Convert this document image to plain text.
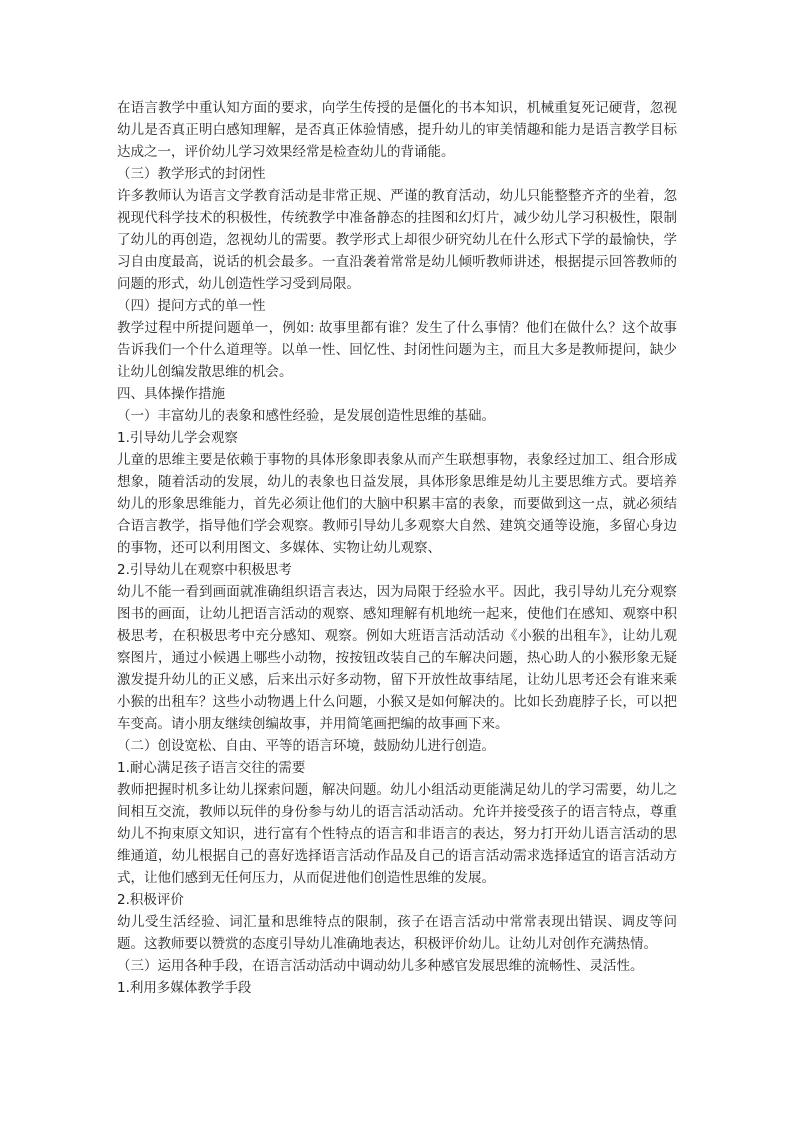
在语言教学中重认知方面的要求，向学生传授的是僵化的书本知识，机械重复死记硬背，忽视幼儿是否真正明白感知理解，是否真正体验情感，提升幼儿的审美情趣和能力是语言教学目标达成之一，评价幼儿学习效果经常是检查幼儿的背诵能。

（三）教学形式的封闭性

许多教师认为语言文学教育活动是非常正规、严谨的教育活动，幼儿只能整整齐齐的坐着，忽视现代科学技术的积极性，传统教学中准备静态的挂图和幻灯片，减少幼儿学习积极性，限制了幼儿的再创造，忽视幼儿的需要。教学形式上却很少研究幼儿在什么形式下学的最愉快，学习自由度最高，说话的机会最多。一直沿袭着常常是幼儿倾听教师讲述，根据提示回答教师的问题的形式，幼儿创造性学习受到局限。

（四）提问方式的单一性

教学过程中所提问题单一，例如: 故事里都有谁？发生了什么事情？他们在做什么？这个故事告诉我们一个什么道理等。以单一性、回忆性、封闭性问题为主，而且大多是教师提问，缺少让幼儿创编发散思维的机会。

四、具体操作措施

（一）丰富幼儿的表象和感性经验，是发展创造性思维的基础。

1.引导幼儿学会观察

儿童的思维主要是依赖于事物的具体形象即表象从而产生联想事物，表象经过加工、组合形成想象，随着活动的发展，幼儿的表象也日益发展，具体形象思维是幼儿主要思维方式。要培养幼儿的形象思维能力，首先必须让他们的大脑中积累丰富的表象，而要做到这一点，就必须结合语言教学，指导他们学会观察。教师引导幼儿多观察大自然、建筑交通等设施，多留心身边的事物，还可以利用图文、多媒体、实物让幼儿观察、

2.引导幼儿在观察中积极思考

幼儿不能一看到画面就准确组织语言表达，因为局限于经验水平。因此，我引导幼儿充分观察图书的画面，让幼儿把语言活动的观察、感知理解有机地统一起来，使他们在感知、观察中积极思考，在积极思考中充分感知、观察。例如大班语言活动活动《小猴的出租车》，让幼儿观察图片，通过小候遇上哪些小动物，按按钮改装自己的车解决问题，热心助人的小猴形象无疑激发提升幼儿的正义感，后来出示好多动物，留下开放性故事结尾，让幼儿思考还会有谁来乘小猴的出租车？这些小动物遇上什么问题，小猴又是如何解决的。比如长劲鹿脖子长，可以把车变高。请小朋友继续创编故事，并用简笔画把编的故事画下来。

（二）创设宽松、自由、平等的语言环境，鼓励幼儿进行创造。

1.耐心满足孩子语言交往的需要

教师把握时机多让幼儿探索问题，解决问题。幼儿小组活动更能满足幼儿的学习需要，幼儿之间相互交流，教师以玩伴的身份参与幼儿的语言活动活动。允许并接受孩子的语言特点，尊重幼儿不拘束原文知识，进行富有个性特点的语言和非语言的表达，努力打开幼儿语言活动的思维通道，幼儿根据自己的喜好选择语言活动作品及自己的语言活动需求选择适宜的语言活动方式，让他们感到无任何压力，从而促进他们创造性思维的发展。

2.积极评价

幼儿受生活经验、词汇量和思维特点的限制，孩子在语言活动中常常表现出错误、调皮等问题。这教师要以赞赏的态度引导幼儿准确地表达，积极评价幼儿。让幼儿对创作充满热情。

（三）运用各种手段，在语言活动活动中调动幼儿多种感官发展思维的流畅性、灵活性。

1.利用多媒体教学手段
